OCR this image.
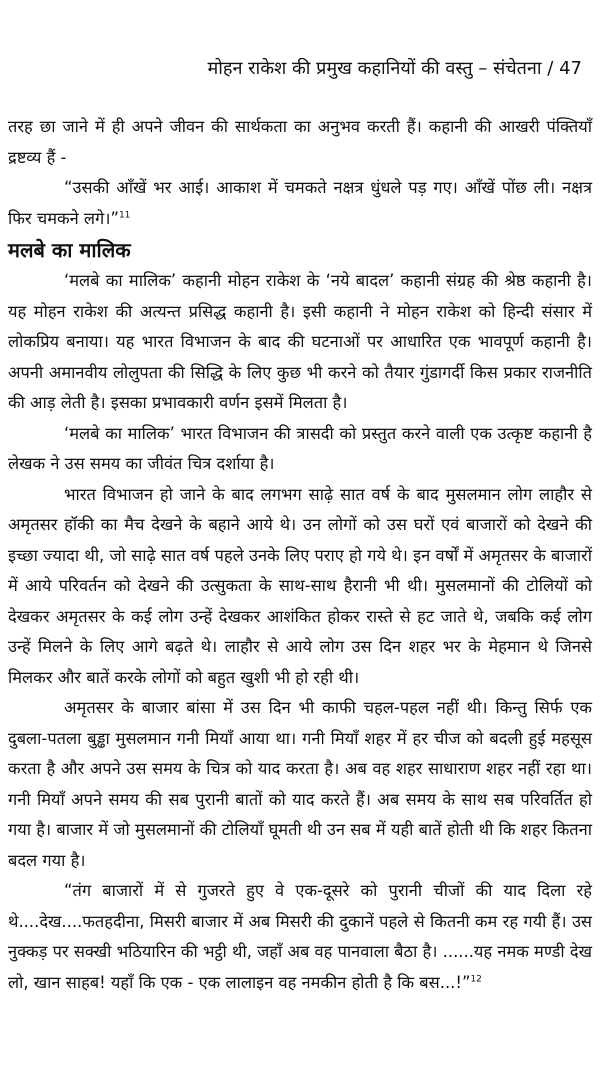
मोहन राकेश की प्रमुख कहानियों की वस्तु – संचेतना / 47

तरह छा जाने में ही अपने जीवन की सार्थकता का अनुभव करती हैं। कहानी की आखरी पंक्तियाँ द्रष्टव्य हैं -

“उसकी आँखें भर आई। आकाश में चमकते नक्षत्र धुंधले पड़ गए। आँखें पोंछ ली। नक्षत्र फिर चमकने लगे।”$^{11}$

मलबे का मालिक

‘मलबे का मालिक’ कहानी मोहन राकेश के ‘नये बादल’ कहानी संग्रह की श्रेष्ठ कहानी है। यह मोहन राकेश की अत्यन्त प्रसिद्ध कहानी है। इसी कहानी ने मोहन राकेश को हिन्दी संसार में लोकप्रिय बनाया। यह भारत विभाजन के बाद की घटनाओं पर आधारित एक भावपूर्ण कहानी है। अपनी अमानवीय लोलुपता की सिद्धि के लिए कुछ भी करने को तैयार गुंडागर्दी किस प्रकार राजनीति की आड़ लेती है। इसका प्रभावकारी वर्णन इसमें मिलता है।

‘मलबे का मालिक’ भारत विभाजन की त्रासदी को प्रस्तुत करने वाली एक उत्कृष्ट कहानी है लेखक ने उस समय का जीवंत चित्र दर्शाया है।

भारत विभाजन हो जाने के बाद लगभग साढ़े सात वर्ष के बाद मुसलमान लोग लाहौर से अमृतसर हॉकी का मैच देखने के बहाने आये थे। उन लोगों को उस घरों एवं बाजारों को देखने की इच्छा ज्यादा थी, जो साढ़े सात वर्ष पहले उनके लिए पराए हो गये थे। इन वर्षों में अमृतसर के बाजारों में आये परिवर्तन को देखने की उत्सुकता के साथ-साथ हैरानी भी थी। मुसलमानों की टोलियों को देखकर अमृतसर के कई लोग उन्हें देखकर आशंकित होकर रास्ते से हट जाते थे, जबकि कई लोग उन्हें मिलने के लिए आगे बढ़ते थे। लाहौर से आये लोग उस दिन शहर भर के मेहमान थे जिनसे मिलकर और बातें करके लोगों को बहुत खुशी भी हो रही थी।

अमृतसर के बाजार बांसा में उस दिन भी काफी चहल-पहल नहीं थी। किन्तु सिर्फ एक दुबला-पतला बुड्ढा मुसलमान गनी मियाँ आया था। गनी मियाँ शहर में हर चीज को बदली हुई महसूस करता है और अपने उस समय के चित्र को याद करता है। अब वह शहर साधाराण शहर नहीं रहा था। गनी मियाँ अपने समय की सब पुरानी बातों को याद करते हैं। अब समय के साथ सब परिवर्तित हो गया है। बाजार में जो मुसलमानों की टोलियाँ घूमती थी उन सब में यही बातें होती थी कि शहर कितना बदल गया है।

“तंग बाजारों में से गुजरते हुए वे एक-दूसरे को पुरानी चीजों की याद दिला रहे थे....देख....फतहदीना, मिसरी बाजार में अब मिसरी की दुकानें पहले से कितनी कम रह गयी हैं। उस नुक्कड़ पर सक्खी भठियारिन की भट्ठी थी, जहाँ अब वह पानवाला बैठा है। ......यह नमक मण्डी देख लो, खान साहब! यहाँ कि एक - एक लालाइन वह नमकीन होती है कि बस...!”$^{12}$
